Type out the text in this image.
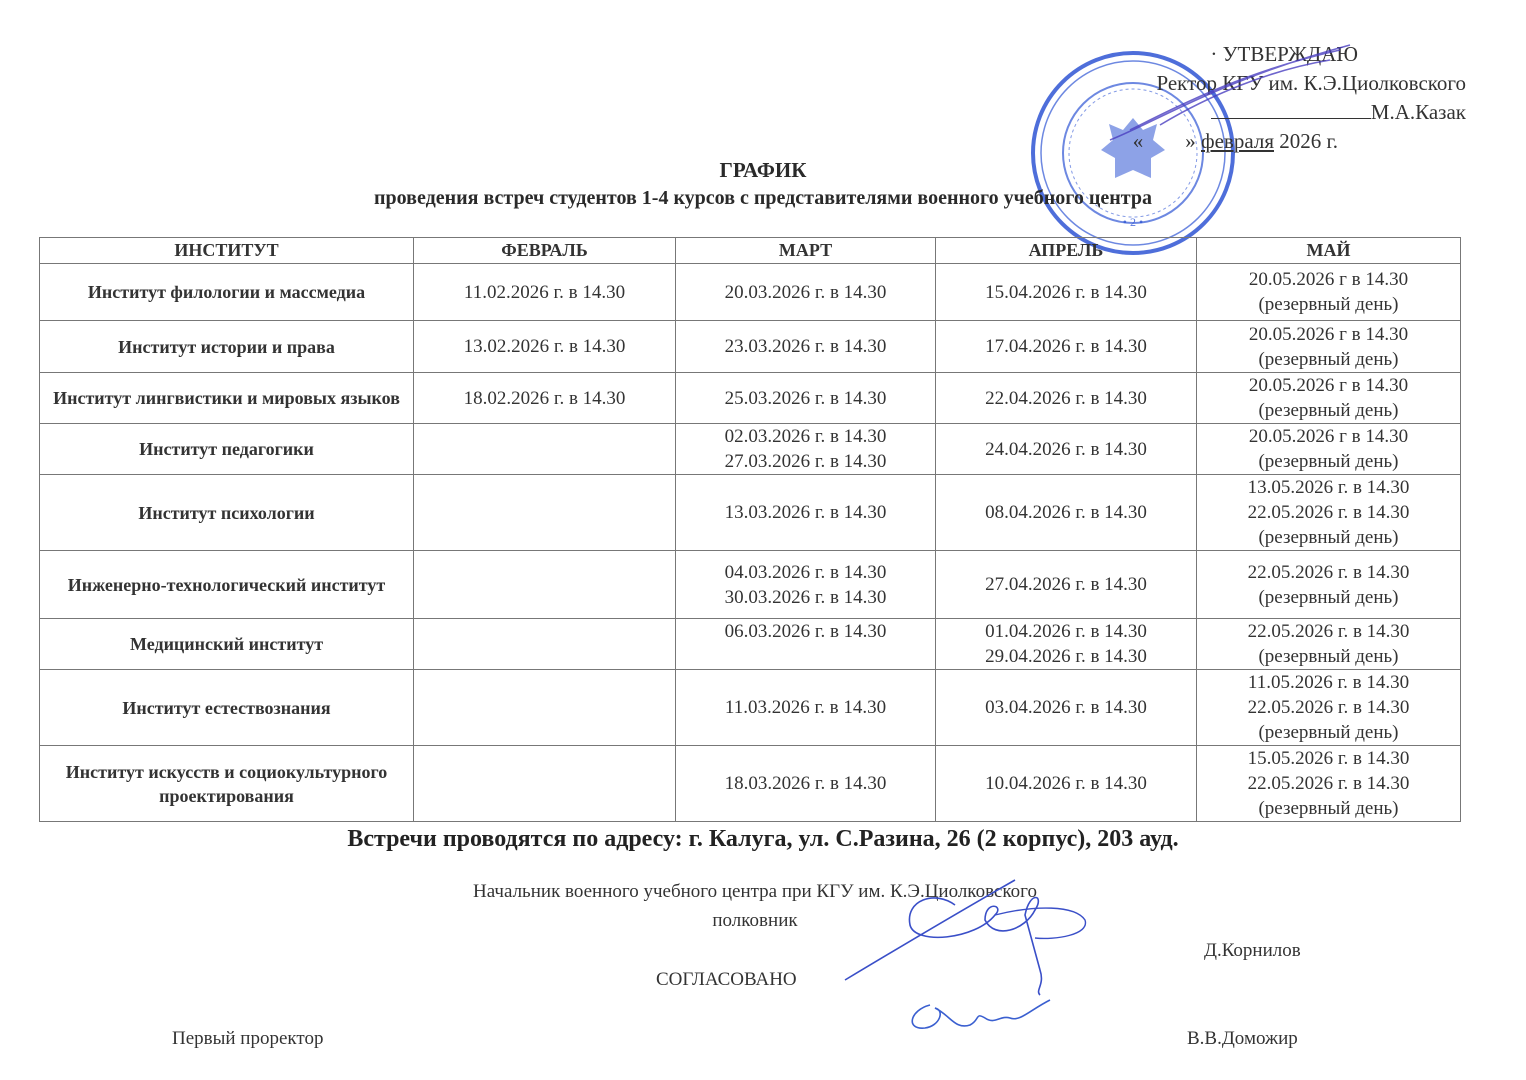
• 2 •
· УТВЕРЖДАЮ
Ректор КГУ им. К.Э.Циолковского
М.А.Казак
« » февраля 2026 г.
ГРАФИК
проведения встреч студентов 1-4 курсов с представителями военного учебного центра
ИНСТИТУТ	ФЕВРАЛЬ	МАРТ	АПРЕЛЬ	МАЙ
Институт филологии и массмедиа	11.02.2026 г. в 14.30	20.03.2026 г. в 14.30	15.04.2026 г. в 14.30	20.05.2026 г в 14.30
(резервный день)
Институт истории и права	13.02.2026 г. в 14.30	23.03.2026 г. в 14.30	17.04.2026 г. в 14.30	20.05.2026 г в 14.30
(резервный день)
Институт лингвистики и мировых языков	18.02.2026 г. в 14.30	25.03.2026 г. в 14.30	22.04.2026 г. в 14.30	20.05.2026 г в 14.30
(резервный день)
Институт педагогики		02.03.2026 г. в 14.30
27.03.2026 г. в 14.30	24.04.2026 г. в 14.30	20.05.2026 г в 14.30
(резервный день)
Институт психологии		13.03.2026 г. в 14.30	08.04.2026 г. в 14.30	13.05.2026 г. в 14.30
22.05.2026 г. в 14.30
(резервный день)
Инженерно-технологический институт		04.03.2026 г. в 14.30
30.03.2026 г. в 14.30	27.04.2026 г. в 14.30	22.05.2026 г. в 14.30
(резервный день)
Медицинский институт		06.03.2026 г. в 14.30	01.04.2026 г. в 14.30
29.04.2026 г. в 14.30	22.05.2026 г. в 14.30
(резервный день)
Институт естествознания		11.03.2026 г. в 14.30	03.04.2026 г. в 14.30	11.05.2026 г. в 14.30
22.05.2026 г. в 14.30
(резервный день)
Институт искусств и социокультурного проектирования		18.03.2026 г. в 14.30	10.04.2026 г. в 14.30	15.05.2026 г. в 14.30
22.05.2026 г. в 14.30
(резервный день)
Встречи проводятся по адресу: г. Калуга, ул. С.Разина, 26 (2 корпус), 203 ауд.
Начальник военного учебного центра при КГУ им. К.Э.Циолковского
полковник
Д.Корнилов
СОГЛАСОВАНО
Первый проректор	В.В.Доможир
